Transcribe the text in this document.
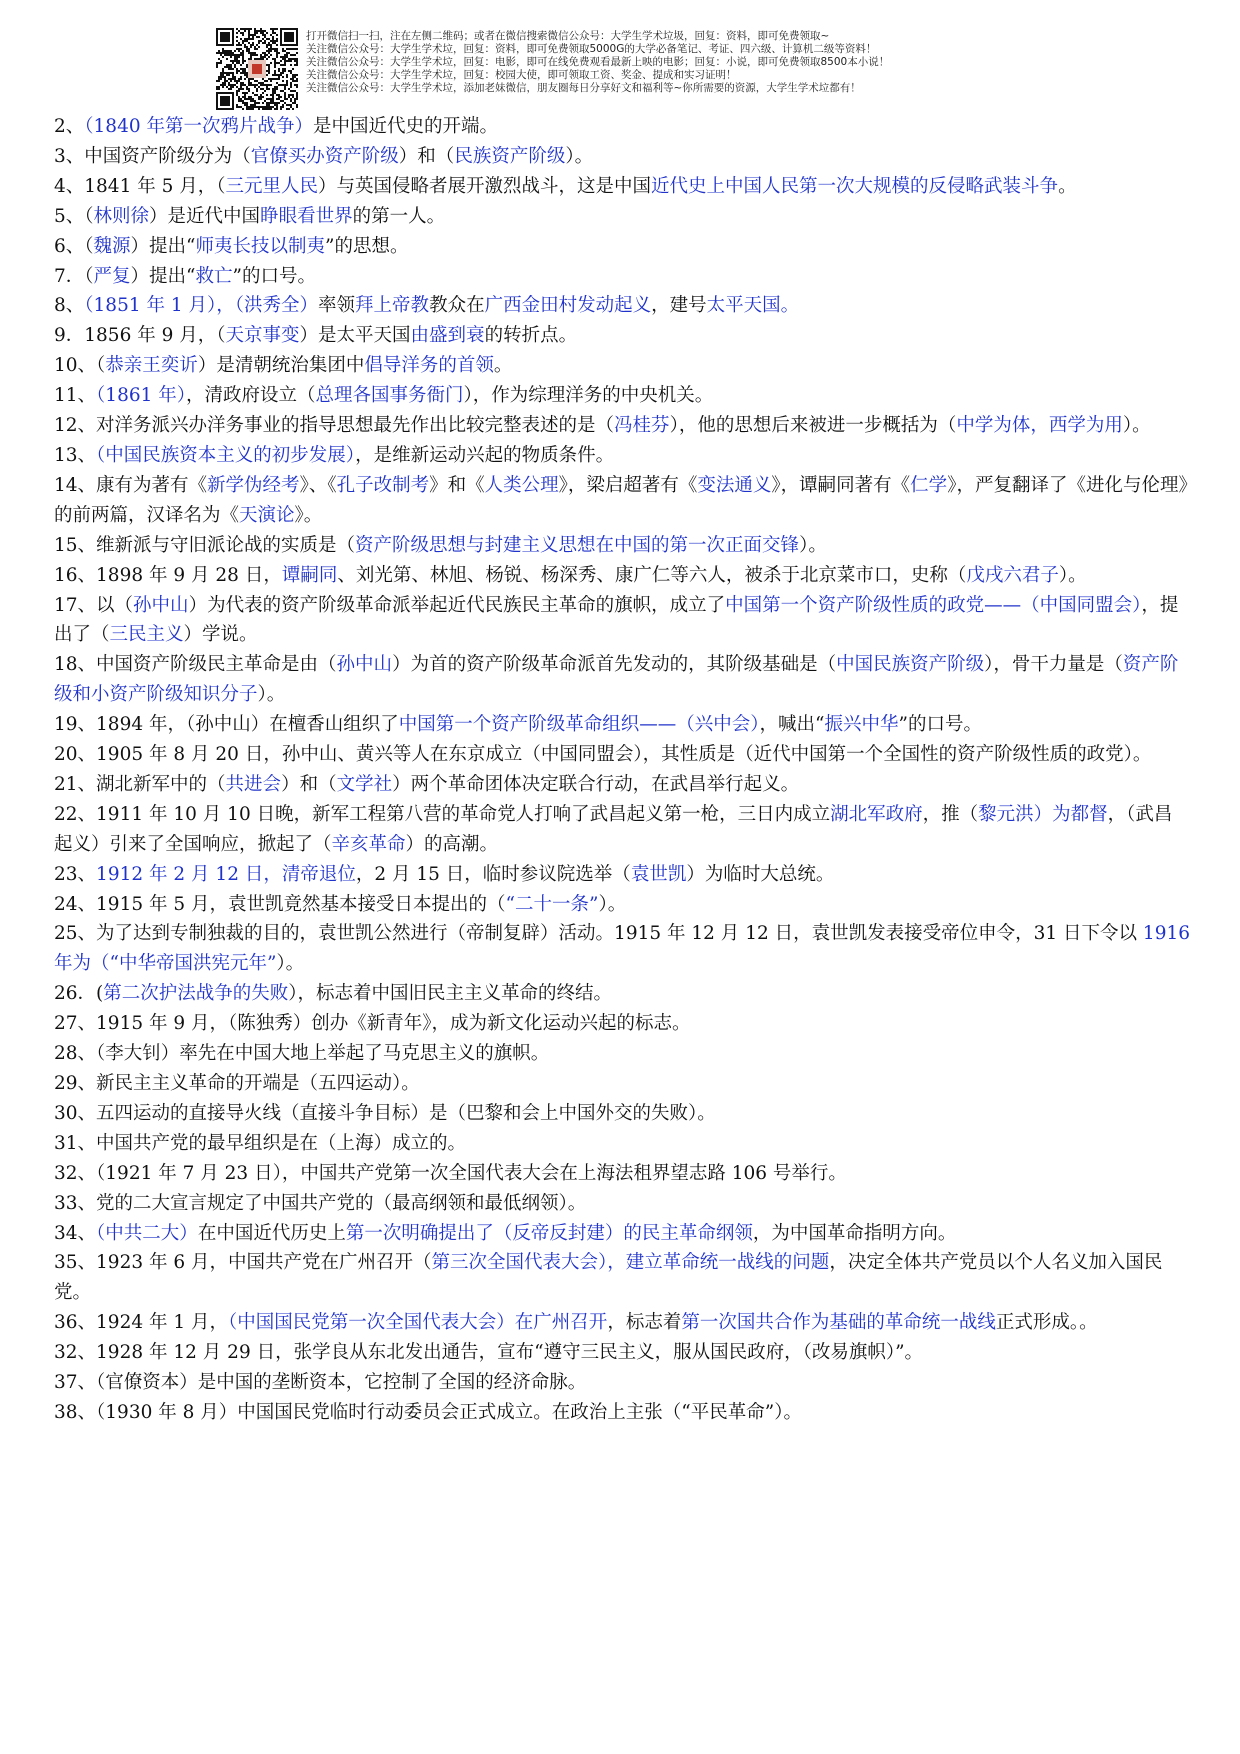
打开微信扫一扫，注在左侧二维码；或者在微信搜索微信公众号：大学生学术垃圾，回复：资料，即可免费领取~
关注微信公众号：大学生学术垃，回复：资料，即可免费领取5000G的大学必备笔记、考证、四六级、计算机二级等资料！
关注微信公众号：大学生学术垃，回复：电影，即可在线免费观看最新上映的电影；回复：小说，即可免费领取8500本小说！
关注微信公众号：大学生学术垃，回复：校园大使，即可领取工资、奖金、提成和实习证明！
关注微信公众号：大学生学术垃，添加老妹微信，朋友圈每日分享好文和福利等~你所需要的资源，大学生学术垃都有！

2、（1840 年第一次鸦片战争）是中国近代史的开端。

3、中国资产阶级分为（官僚买办资产阶级）和（民族资产阶级）。

4、1841 年 5 月，（三元里人民）与英国侵略者展开激烈战斗，这是中国近代史上中国人民第一次大规模的反侵略武装斗争。

5、（林则徐）是近代中国睁眼看世界的第一人。

6、（魏源）提出“师夷长技以制夷”的思想。

7．（严复）提出“救亡”的口号。

8、（1851 年 1 月），（洪秀全）率领拜上帝教教众在广西金田村发动起义，建号太平天国。

9．1856 年 9 月，（天京事变）是太平天国由盛到衰的转折点。

10、（恭亲王奕䜣）是清朝统治集团中倡导洋务的首领。

11、（1861 年），清政府设立（总理各国事务衙门），作为综理洋务的中央机关。

12、对洋务派兴办洋务事业的指导思想最先作出比较完整表述的是（冯桂芬），他的思想后来被进一步概括为（中学为体，西学为用）。

13、（中国民族资本主义的初步发展），是维新运动兴起的物质条件。

14、康有为著有《新学伪经考》、《孔子改制考》和《人类公理》，梁启超著有《变法通义》，谭嗣同著有《仁学》，严复翻译了《进化与伦理》的前两篇，汉译名为《天演论》。

15、维新派与守旧派论战的实质是（资产阶级思想与封建主义思想在中国的第一次正面交锋）。

16、1898 年 9 月 28 日，谭嗣同、刘光第、林旭、杨锐、杨深秀、康广仁等六人，被杀于北京菜市口，史称（戊戌六君子）。

17、以（孙中山）为代表的资产阶级革命派举起近代民族民主革命的旗帜，成立了中国第一个资产阶级性质的政党——（中国同盟会），提出了（三民主义）学说。

18、中国资产阶级民主革命是由（孙中山）为首的资产阶级革命派首先发动的，其阶级基础是（中国民族资产阶级），骨干力量是（资产阶级和小资产阶级知识分子）。

19、1894 年，（孙中山）在檀香山组织了中国第一个资产阶级革命组织——（兴中会），喊出“振兴中华”的口号。

20、1905 年 8 月 20 日，孙中山、黄兴等人在东京成立（中国同盟会），其性质是（近代中国第一个全国性的资产阶级性质的政党）。

21、湖北新军中的（共进会）和（文学社）两个革命团体决定联合行动，在武昌举行起义。

22、1911 年 10 月 10 日晚，新军工程第八营的革命党人打响了武昌起义第一枪，三日内成立湖北军政府，推（黎元洪）为都督，（武昌起义）引来了全国响应，掀起了（辛亥革命）的高潮。

23、1912 年 2 月 12 日，清帝退位，2 月 15 日，临时参议院选举（袁世凯）为临时大总统。

24、1915 年 5 月，袁世凯竟然基本接受日本提出的（“二十一条”）。

25、为了达到专制独裁的目的，袁世凯公然进行（帝制复辟）活动。1915 年 12 月 12 日，袁世凯发表接受帝位申令，31 日下令以 1916 年为（“中华帝国洪宪元年”）。

26．(第二次护法战争的失败），标志着中国旧民主主义革命的终结。

27、1915 年 9 月，（陈独秀）创办《新青年》，成为新文化运动兴起的标志。

28、（李大钊）率先在中国大地上举起了马克思主义的旗帜。

29、新民主主义革命的开端是（五四运动）。

30、五四运动的直接导火线（直接斗争目标）是（巴黎和会上中国外交的失败）。

31、中国共产党的最早组织是在（上海）成立的。

32、（1921 年 7 月 23 日），中国共产党第一次全国代表大会在上海法租界望志路 106 号举行。

33、党的二大宣言规定了中国共产党的（最高纲领和最低纲领）。

34、（中共二大）在中国近代历史上第一次明确提出了（反帝反封建）的民主革命纲领，为中国革命指明方向。

35、1923 年 6 月，中国共产党在广州召开（第三次全国代表大会），建立革命统一战线的问题，决定全体共产党员以个人名义加入国民党。

36、1924 年 1 月，（中国国民党第一次全国代表大会）在广州召开，标志着第一次国共合作为基础的革命统一战线正式形成。。

32、1928 年 12 月 29 日，张学良从东北发出通告，宣布“遵守三民主义，服从国民政府，（改易旗帜）”。

37、（官僚资本）是中国的垄断资本，它控制了全国的经济命脉。

38、（1930 年 8 月）中国国民党临时行动委员会正式成立。在政治上主张（“平民革命”）。
